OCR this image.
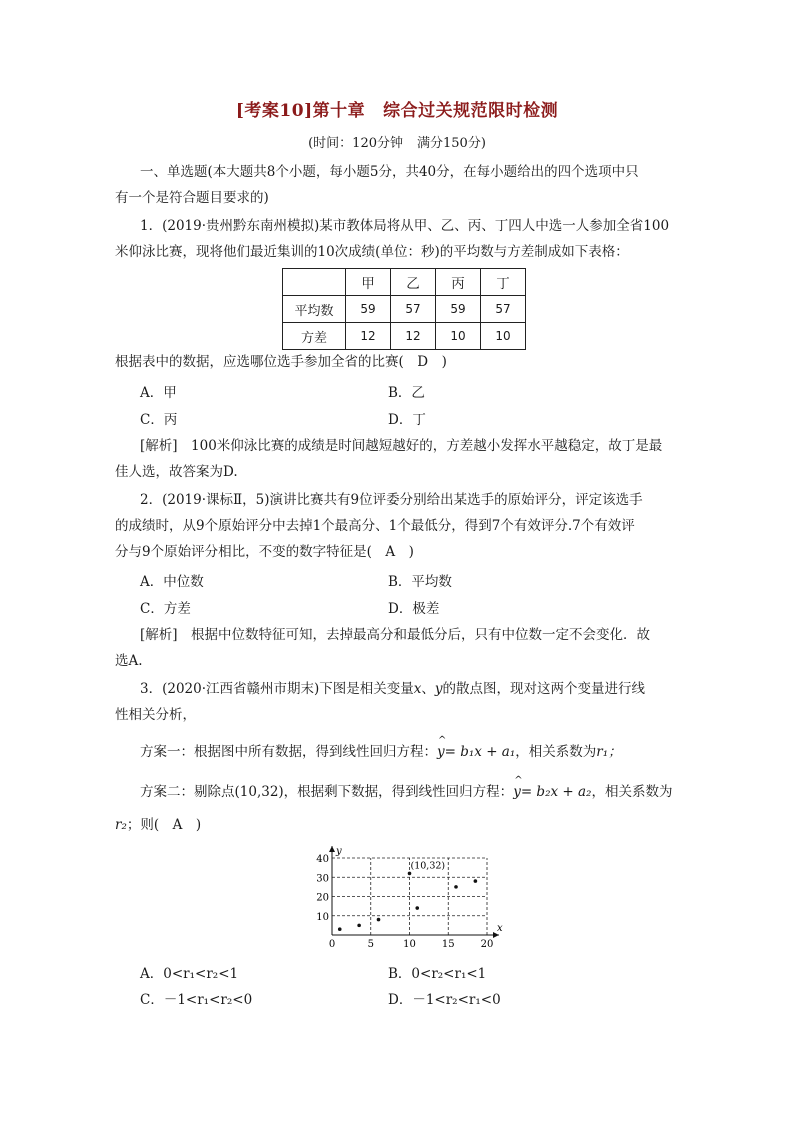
[考案10]第十章 综合过关规范限时检测
(时间：120分钟 满分150分)
一、单选题(本大题共8个小题，每小题5分，共40分，在每小题给出的四个选项中只
有一个是符合题目要求的)
1．(2019·贵州黔东南州模拟)某市教体局将从甲、乙、丙、丁四人中选一人参加全省100
米仰泳比赛，现将他们最近集训的10次成绩(单位：秒)的平均数与方差制成如下表格：
	甲	乙	丙	丁
平均数	59	57	59	57
方差	12	12	10	10
根据表中的数据，应选哪位选手参加全省的比赛(　D　)
A．甲	B．乙
C．丙	D．丁
[解析]　100米仰泳比赛的成绩是时间越短越好的，方差越小发挥水平越稳定，故丁是最
佳人选，故答案为D.
2．(2019·课标Ⅱ，5)演讲比赛共有9位评委分别给出某选手的原始评分，评定该选手
的成绩时，从9个原始评分中去掉1个最高分、1个最低分，得到7个有效评分.7个有效评
分与9个原始评分相比，不变的数字特征是(　A　)
A．中位数	B．平均数
C．方差	D．极差
[解析]　根据中位数特征可知，去掉最高分和最低分后，只有中位数一定不会变化．故
选A.
3．(2020·江西省赣州市期末)下图是相关变量x、y的散点图，现对这两个变量进行线
性相关分析，
方案一：根据图中所有数据，得到线性回归方程：^ y= b₁x + a₁，相关系数为r₁；
方案二：剔除点(10,32)，根据剩下数据，得到线性回归方程：^ y= b₂x + a₂，相关系数为
r₂；则(　A　)
x
y
0	5	10	15	20
10
20
30
40
(10,32)
A．0<r₁<r₂<1	B．0<r₂<r₁<1
C．－1<r₁<r₂<0	D．－1<r₂<r₁<0
